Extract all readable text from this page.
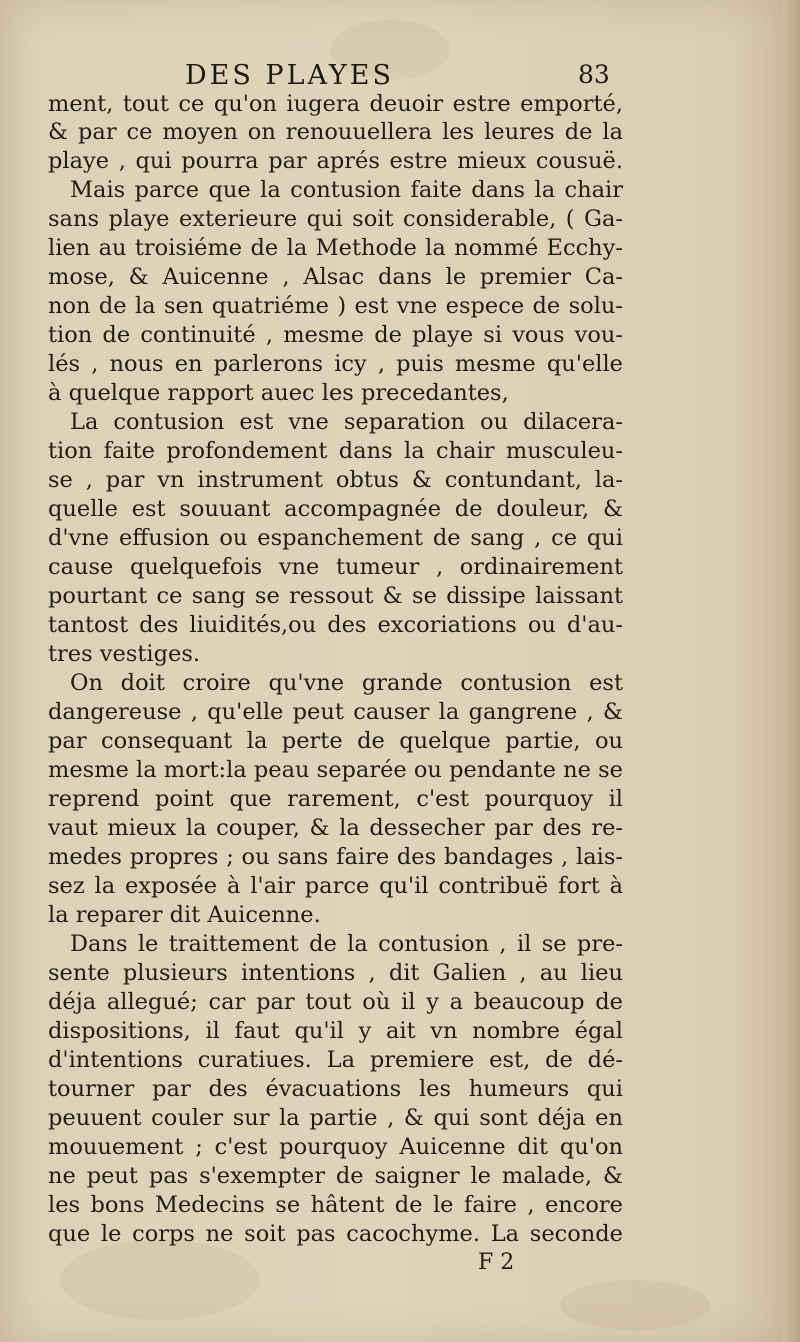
DES PLAYES	83
ment, tout ce qu'on iugera deuoir estre emporté,
& par ce moyen on renouuellera les leures de la
playe , qui pourra par aprés estre mieux cousuë.
Mais parce que la contusion faite dans la chair
sans playe exterieure qui soit considerable, ( Ga-
lien au troisiéme de la Methode la nommé Ecchy-
mose, & Auicenne , Alsac dans le premier Ca-
non de la sen quatriéme ) est vne espece de solu-
tion de continuité , mesme de playe si vous vou-
lés , nous en parlerons icy , puis mesme qu'elle
à quelque rapport auec les precedantes,
La contusion est vne separation ou dilacera-
tion faite profondement dans la chair musculeu-
se , par vn instrument obtus & contundant, la-
quelle est souuant accompagnée de douleur, &
d'vne effusion ou espanchement de sang , ce qui
cause quelquefois vne tumeur , ordinairement
pourtant ce sang se ressout & se dissipe laissant
tantost des liuidités,ou des excoriations ou d'au-
tres vestiges.
On doit croire qu'vne grande contusion est
dangereuse , qu'elle peut causer la gangrene , &
par consequant la perte de quelque partie, ou
mesme la mort:la peau separée ou pendante ne se
reprend point que rarement, c'est pourquoy il
vaut mieux la couper, & la dessecher par des re-
medes propres ; ou sans faire des bandages , lais-
sez la exposée à l'air parce qu'il contribuë fort à
la reparer dit Auicenne.
Dans le traittement de la contusion , il se pre-
sente plusieurs intentions , dit Galien , au lieu
déja allegué; car par tout où il y a beaucoup de
dispositions, il faut qu'il y ait vn nombre égal
d'intentions curatiues. La premiere est, de dé-
tourner par des évacuations les humeurs qui
peuuent couler sur la partie , & qui sont déja en
mouuement ; c'est pourquoy Auicenne dit qu'on
ne peut pas s'exempter de saigner le malade, &
les bons Medecins se hâtent de le faire , encore
que le corps ne soit pas cacochyme. La seconde
F 2
